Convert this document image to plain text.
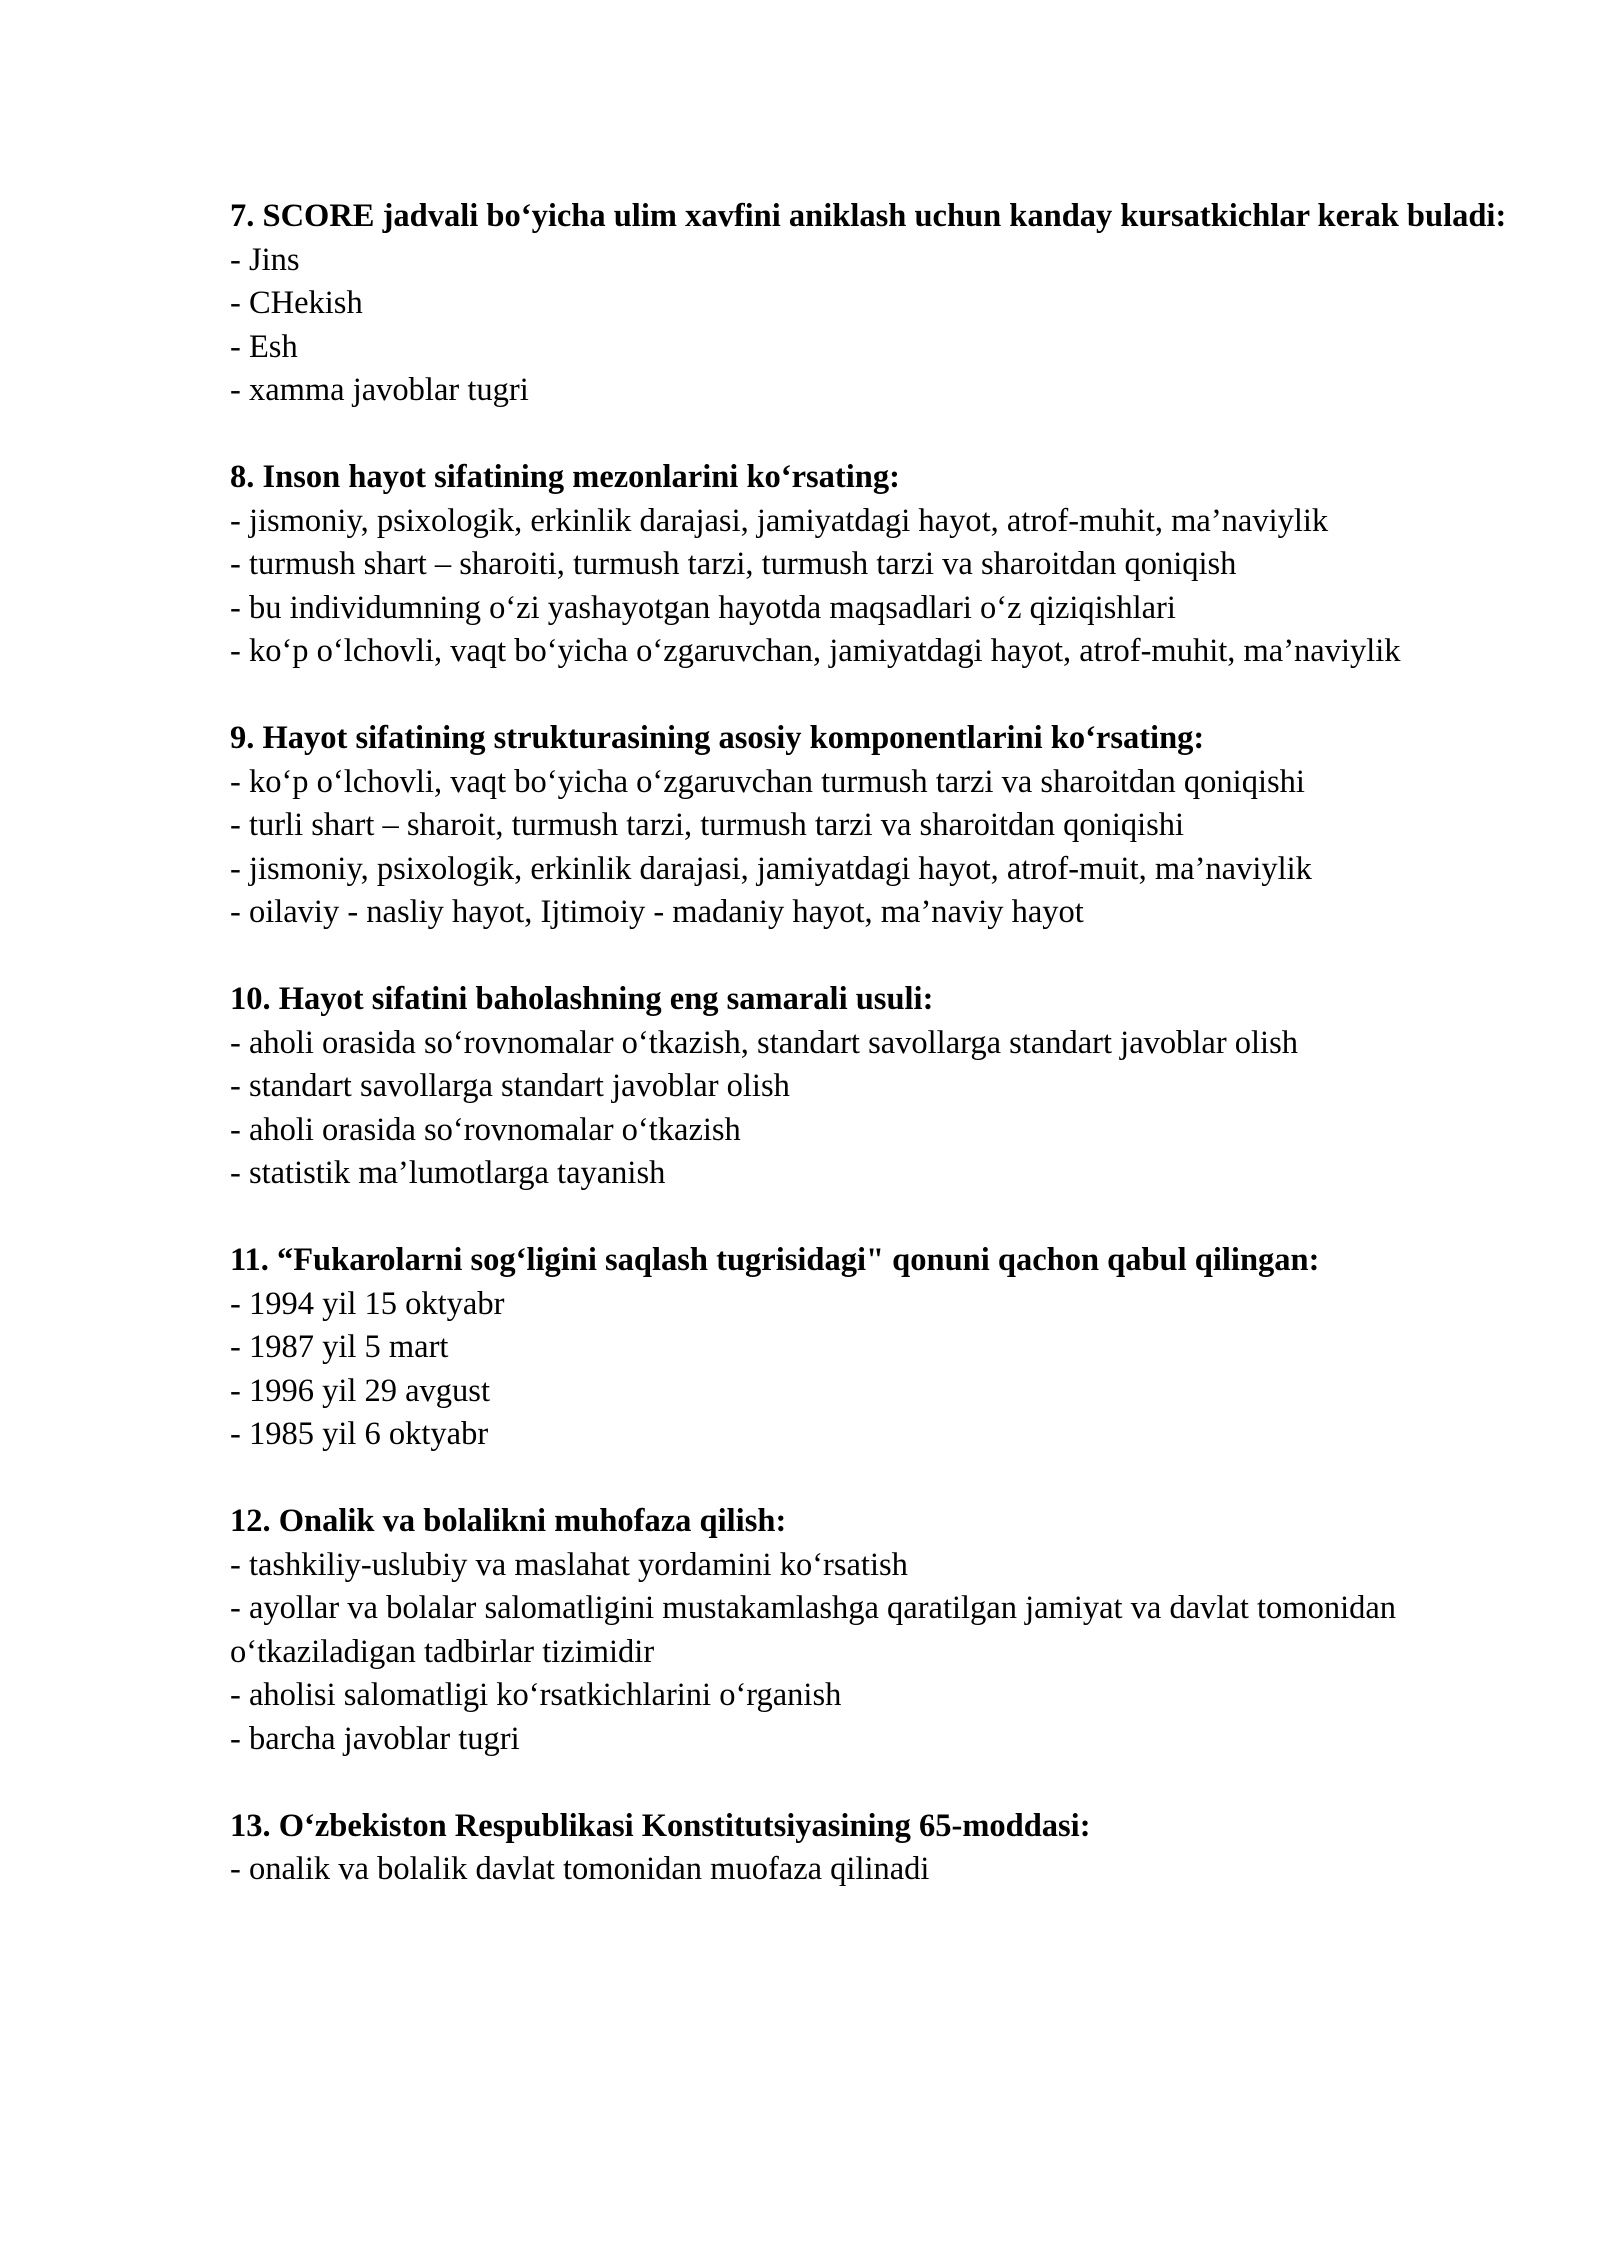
7. SCORE jadvali bo‘yicha ulim xavfini aniklash uchun kanday kursatkichlar kerak buladi:

- Jins

- CHekish

- Esh

- xamma javoblar tugri

8. Inson hayot sifatining mezonlarini ko‘rsating:

- jismoniy, psixologik, erkinlik darajasi, jamiyatdagi hayot, atrof-muhit, ma’naviylik

- turmush shart – sharoiti, turmush tarzi, turmush tarzi va sharoitdan qoniqish

- bu individumning o‘zi yashayotgan hayotda maqsadlari o‘z qiziqishlari

- ko‘p o‘lchovli, vaqt bo‘yicha o‘zgaruvchan, jamiyatdagi hayot, atrof-muhit, ma’naviylik

9. Hayot sifatining strukturasining asosiy komponentlarini ko‘rsating:

- ko‘p o‘lchovli, vaqt bo‘yicha o‘zgaruvchan turmush tarzi va sharoitdan qoniqishi

- turli shart – sharoit, turmush tarzi, turmush tarzi va sharoitdan qoniqishi

- jismoniy, psixologik, erkinlik darajasi, jamiyatdagi hayot, atrof-muit, ma’naviylik

- oilaviy - nasliy hayot, Ijtimoiy - madaniy hayot, ma’naviy hayot

10. Hayot sifatini baholashning eng samarali usuli:

- aholi orasida so‘rovnomalar o‘tkazish, standart savollarga standart javoblar olish

- standart savollarga standart javoblar olish

- aholi orasida so‘rovnomalar o‘tkazish

- statistik ma’lumotlarga tayanish

11. “Fukarolarni sog‘ligini saqlash tugrisidagi" qonuni qachon qabul qilingan:

- 1994 yil 15 oktyabr

- 1987 yil 5 mart

- 1996 yil 29 avgust

- 1985 yil 6 oktyabr

12. Onalik va bolalikni muhofaza qilish:

- tashkiliy-uslubiy va maslahat yordamini ko‘rsatish

- ayollar va bolalar salomatligini mustakamlashga qaratilgan jamiyat va davlat tomonidan o‘tkaziladigan tadbirlar tizimidir

- aholisi salomatligi ko‘rsatkichlarini o‘rganish

- barcha javoblar tugri

13. O‘zbekiston Respublikasi Konstitutsiyasining 65-moddasi:

- onalik va bolalik davlat tomonidan muofaza qilinadi
